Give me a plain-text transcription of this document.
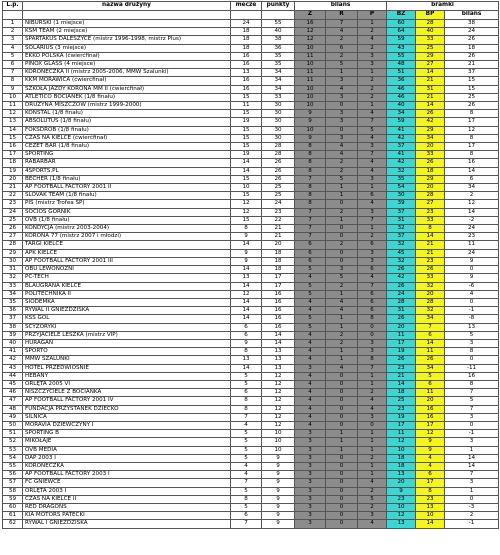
L.p.	nazwa drużyny	mecze	punkty	bilans			bramki		
				Z	R	P	BZ	BP	bilans
1	NIBURSKI (1 miejsce)	24	55	16	7	1	60	28	38
2	KSM TEAM (2 miejsce)	18	40	12	4	2	64	40	24
3	SPARTAKUS DALESZYCE (mistrz 1996-1998, mistrz Plus)	18	38	12	2	4	59	33	26
4	SOLARIUS (3 miejsce)	18	36	10	6	2	43	25	18
5	EKKO POLSKA (ćwierćfinał)	16	35	11	2	3	55	29	26
6	PINOX GLASS (4 miejsce)	16	35	10	5	3	48	27	21
7	KORONECZKA II (mistrz 2005-2006, MMW Szalunki)	13	34	11	1	1	51	14	37
8	KKM MORAWICA (ćwierćfinał)	16	34	11	3	2	36	21	15
9	SZKOŁA JAZDY KORONA MM II (ćwierćfinał)	16	34	10	4	2	46	31	15
10	ATLETICO BOCIANEK (1/8 finału)	15	33	10	3	2	46	21	25
11	DRUŻYNA MISZCZÓW (mistrz 1999-2000)	11	30	10	0	1	40	14	26
12	KONSTAL (1/8 finału)	15	30	9	3	4	34	26	8
13	ABSOLUTUS (1/8 finału)	19	30	9	3	7	59	42	17
14	FOKSDROB (1/8 finału)	15	30	10	0	5	41	29	12
15	CZAS NA KIELCE (ćwierćfinał)	15	30	9	3	4	42	34	8
16	CEZET BAR (1/8 finału)	15	28	8	4	3	37	20	17
17	SPORTING	19	28	8	4	7	41	33	8
18	RABARBAR	14	26	8	2	4	42	26	16
19	4SPORTS.PL	14	26	8	2	4	32	18	14
20	BECHER (1/8 finału)	15	26	7	5	3	35	29	6
21	AP FOOTBALL FACTORY 2001 II	10	25	8	1	1	54	20	34
22	SLOVAK TEAM (1/8 finału)	15	25	8	1	6	30	28	2
23	PIS (mistrz Trofea SP)	12	24	8	0	4	39	27	12
24	SOCIOS GÓRNIK	12	23	7	2	3	37	23	14
25	OVB (1/8 finału)	15	22	7	1	7	31	33	-2
26	KONDYCJA (mistrz 2003-2004)	8	21	7	0	1	32	8	24
27	KORONA 77 (mistrz 2007 i młodzi)	9	21	7	0	2	37	14	23
28	TARGI KIELCE	14	20	6	2	6	32	21	11
29	APK KIELCE	9	18	6	0	3	45	21	24
30	AP FOOTBALL FACTORY 2001 III	9	18	6	0	3	32	23	9
31	OBU LEWONOŻNI	14	18	5	3	6	26	26	0
32	PC-TECH	13	17	4	5	4	42	33	9
33	BLAUGRANA KIELCE	14	17	5	2	7	26	32	-6
34	POLITECHNIKA II	12	16	5	1	6	24	20	4
35	SIODEMKA	14	16	4	4	6	28	28	0
36	RYWAL II GNIEZDZISKA	14	16	4	4	6	31	32	-1
37	KSS GOL	14	16	5	1	8	26	34	-8
38	SCYZORYKI	6	16	5	1	0	20	7	13
39	PRZYJACIELE LESZKA (mistrz VIP)	6	14	4	2	0	11	6	5
40	HURAGAN	9	14	4	2	3	17	14	3
41	SPORTO	8	13	4	1	3	19	11	8
42	MMW SZALUNKI	13	13	4	1	8	26	26	0
43	HOTEL PRZEDWIOŚNIE	14	13	3	4	7	23	34	-11
44	HEBANY	5	12	4	0	1	21	5	16
45	ORLĘTA 2005 VI	5	12	4	0	1	14	6	8
46	NISZCZYCIELE Z BOCIANKA	6	12	4	0	2	18	11	7
47	AP FOOTBALL FACTORY 2001 IV	8	12	4	0	4	25	20	5
48	FUNDACJA PRZYSTANEK DZIECKO	8	12	4	0	4	23	16	7
49	SILNICA	7	12	4	0	3	19	16	3
50	MORAVIA DZIEWCZYNY I	4	12	4	0	0	17	17	0
51	SPORTING B	5	10	3	1	1	11	12	-1
52	MIKOŁAJE	5	10	3	1	1	12	9	3
53	OVB MEDIA	5	10	3	1	1	10	9	1
54	DAP 2003 I	5	9	3	0	2	18	4	14
55	KORONECZKA	4	9	3	0	1	18	4	14
56	AP FOOTBALL FACTORY 2003 I	4	9	3	0	1	13	6	7
57	FC GNIEWCE	7	9	3	0	4	20	17	3
58	ORLĘTA 2003 I	5	9	3	0	2	9	8	1
59	CZAS NA KIELCE II	8	9	3	0	5	23	23	0
60	RED DRAGONS	5	9	3	0	2	10	13	-3
61	KIA MOTORS PATECKI	6	9	3	0	3	12	10	2
62	RYWAL I GNIEZDZISKA	7	9	3	0	4	13	14	-1
